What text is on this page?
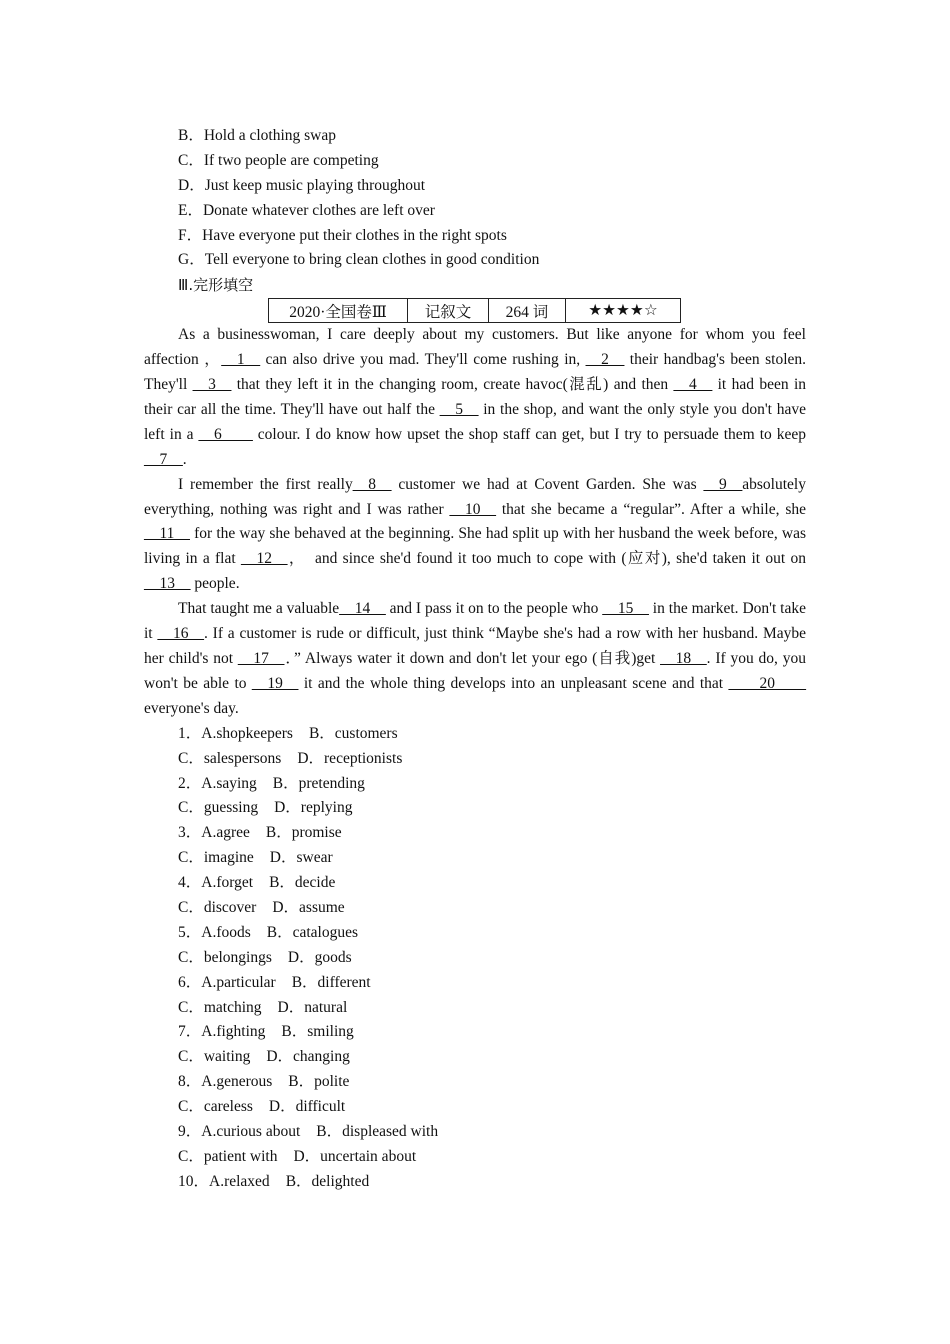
B．Hold a clothing swap
C．If two people are competing
D．Just keep music playing throughout
E．Donate whatever clothes are left over
F．Have everyone put their clothes in the right spots
G．Tell everyone to bring clean clothes in good condition
Ⅲ.完形填空
2020·全国卷Ⅲ	记叙文	264 词	★★★★☆

As a businesswoman, I care deeply about my customers. But like anyone for whom you feel affection ，__1__ can also drive you mad. They'll come rushing in, __2__ their handbag's been stolen. They'll __3__ that they left it in the changing room, create havoc(混乱) and then __4__ it had been in their car all the time. They'll have out half the __5__ in the shop, and want the only style you don't have left in a __6____ colour. I do know how upset the shop staff can get, but I try to persuade them to keep __7__.

I remember the first really__8__ customer we had at Covent Garden. She was __9__absolutely everything, nothing was right and I was rather __10__ that she became a “regular”. After a while, she __11__ for the way she behaved at the beginning. She had split up with her husband the week before, was living in a flat __12__，　and since she'd found it too much to cope with (应对), she'd taken it out on __13__ people.

That taught me a valuable__14__ and I pass it on to the people who __15__ in the market. Don't take it __16__. If a customer is rude or difficult, just think “Maybe she's had a row with her husband. Maybe her child's not __17__．” Always water it down and don't let your ego (自我)get __18__. If you do, you won't be able to __19__ it and the whole thing develops into an unpleasant scene and that ____20____ everyone's day.

1．A.shopkeepers B．customers
C．salespersons D．receptionists
2．A.saying B．pretending
C．guessing D．replying
3．A.agree B．promise
C．imagine D．swear
4．A.forget B．decide
C．discover D．assume
5．A.foods B．catalogues
C．belongings D．goods
6．A.particular B．different
C．matching D．natural
7．A.fighting B．smiling
C．waiting D．changing
8．A.generous B．polite
C．careless D．difficult
9．A.curious about B．displeased with
C．patient with D．uncertain about
10．A.relaxed B．delighted
